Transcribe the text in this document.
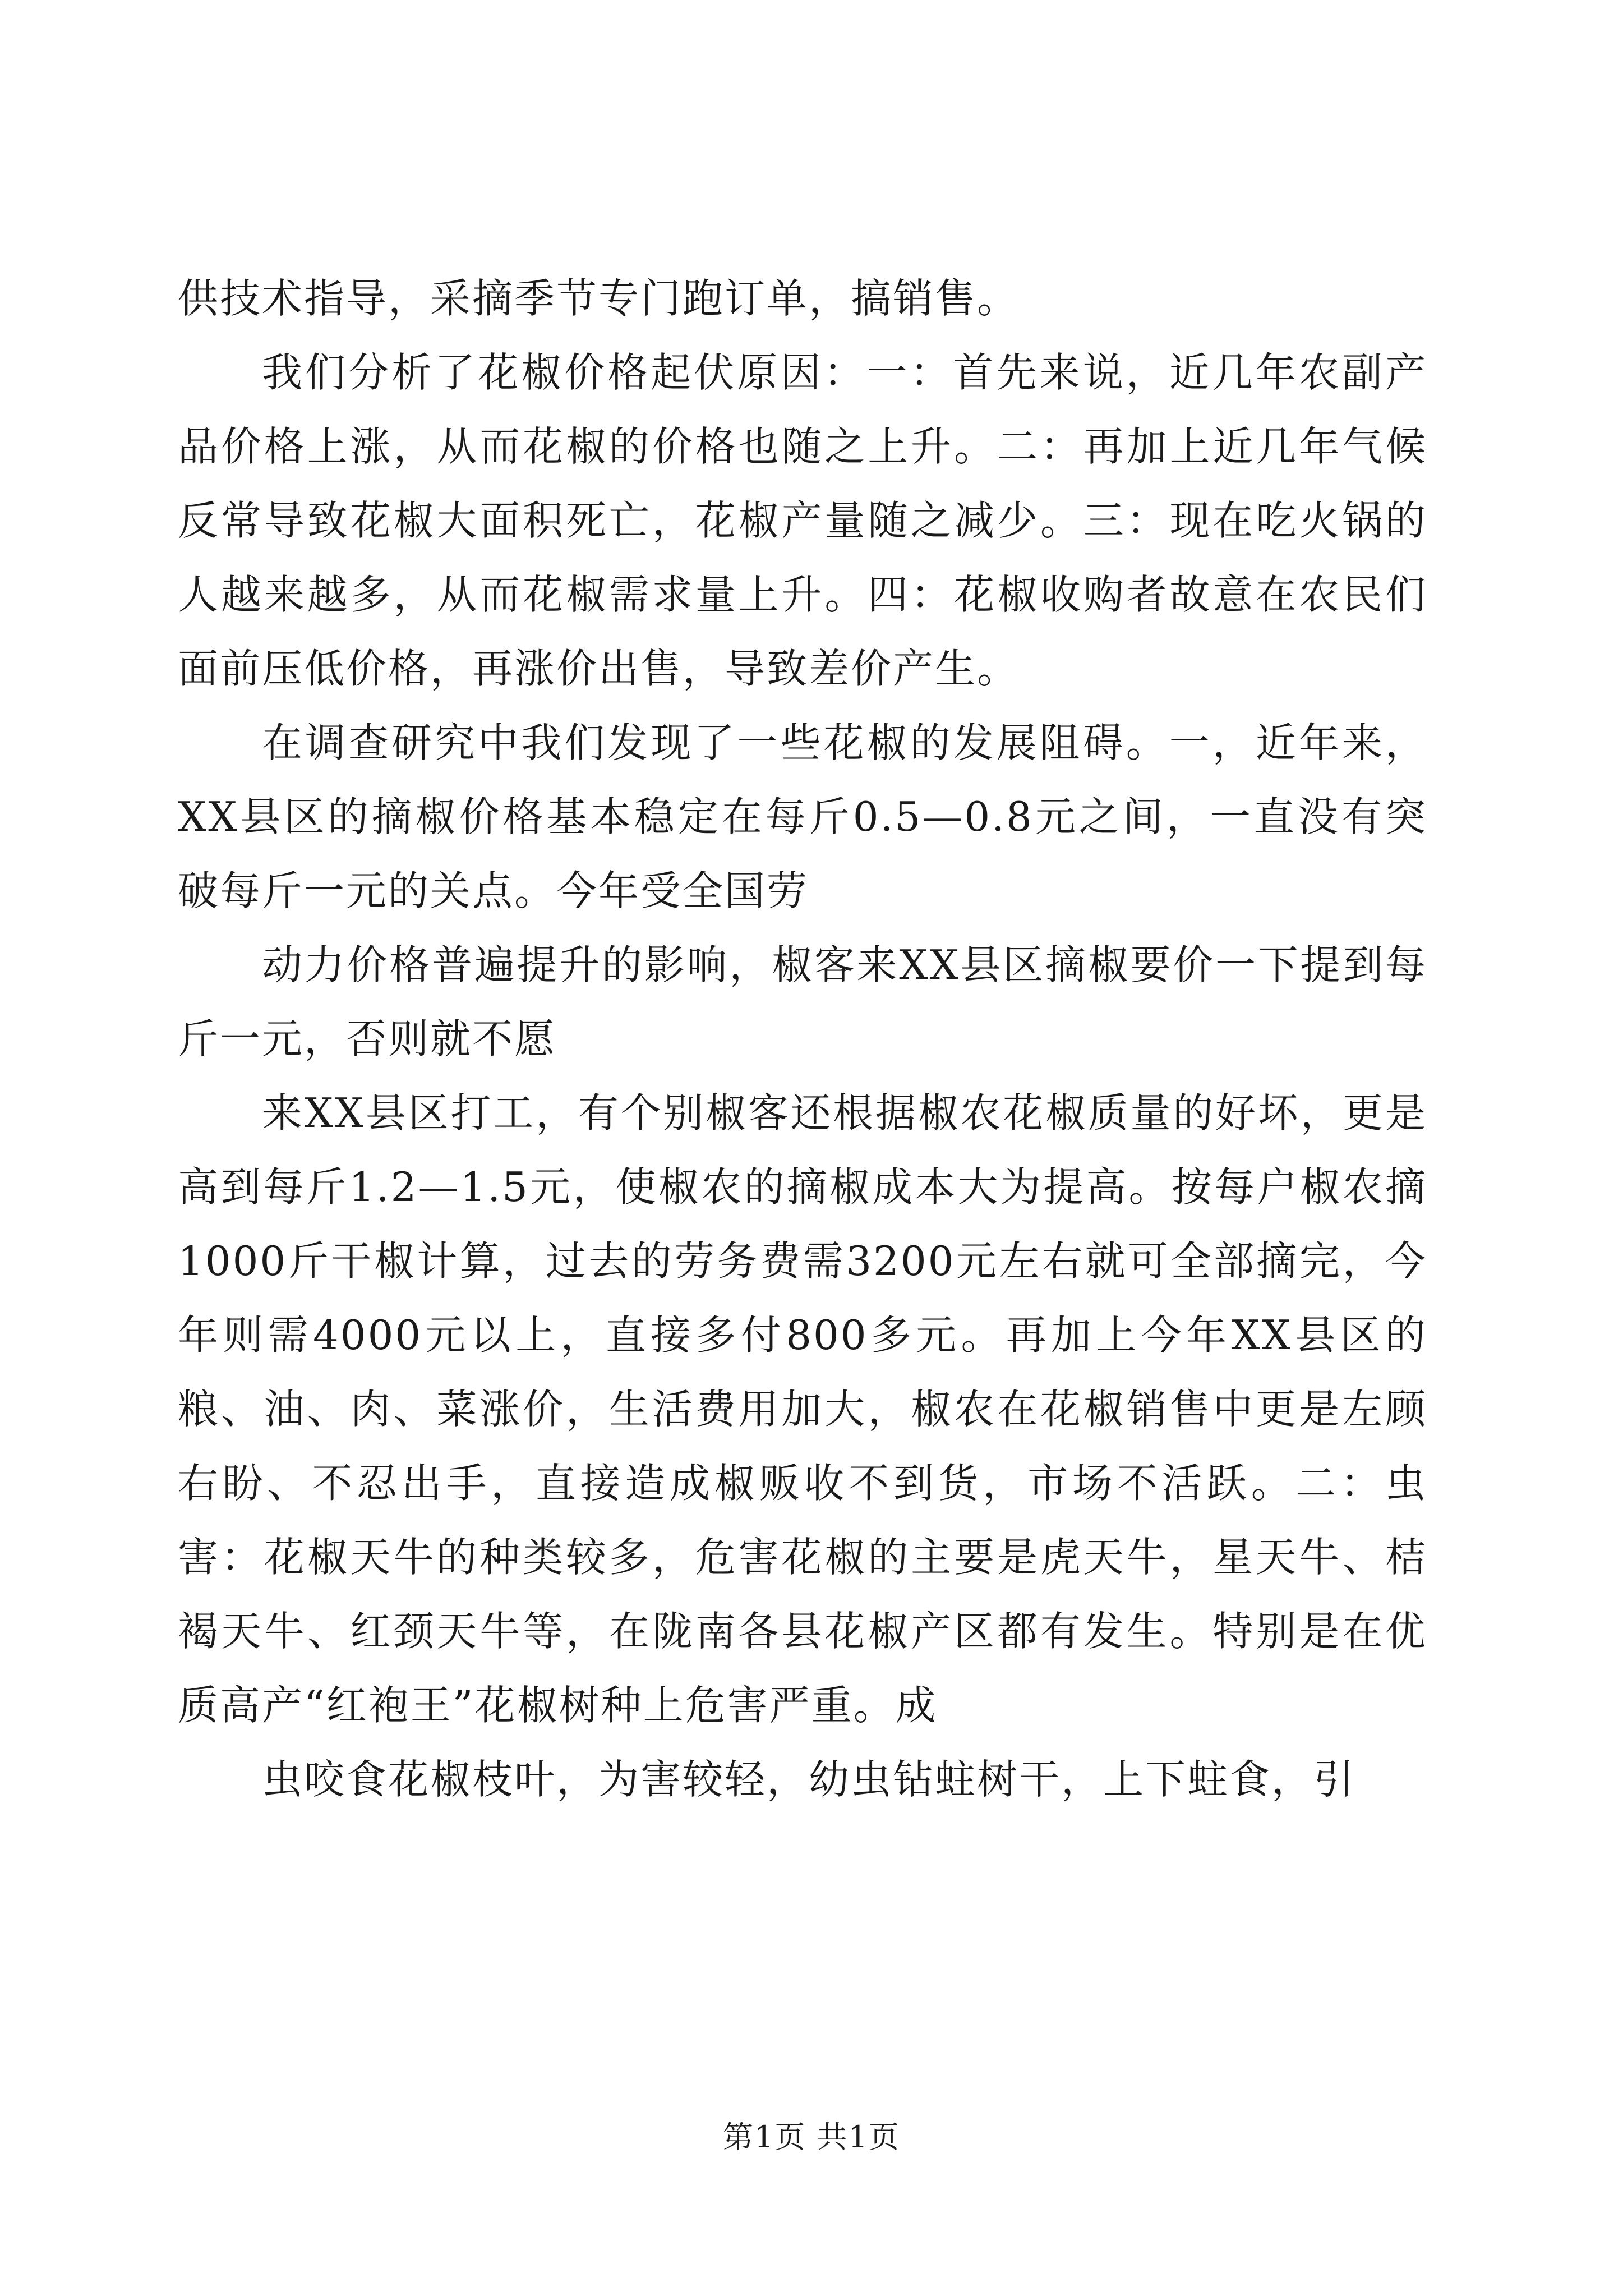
供技术指导，采摘季节专门跑订单，搞销售。

我们分析了花椒价格起伏原因：一：首先来说，近几年农副产品价格上涨，从而花椒的价格也随之上升。二：再加上近几年气候反常导致花椒大面积死亡，花椒产量随之减少。三：现在吃火锅的人越来越多，从而花椒需求量上升。四：花椒收购者故意在农民们面前压低价格，再涨价出售，导致差价产生。

在调查研究中我们发现了一些花椒的发展阻碍。一，近年来，XX县区的摘椒价格基本稳定在每斤0.5—0.8元之间，一直没有突破每斤一元的关点。今年受全国劳

动力价格普遍提升的影响，椒客来XX县区摘椒要价一下提到每斤一元，否则就不愿

来XX县区打工，有个别椒客还根据椒农花椒质量的好坏，更是高到每斤1.2—1.5元，使椒农的摘椒成本大为提高。按每户椒农摘1000斤干椒计算，过去的劳务费需3200元左右就可全部摘完，今年则需4000元以上，直接多付800多元。再加上今年XX县区的粮、油、肉、菜涨价，生活费用加大，椒农在花椒销售中更是左顾右盼、不忍出手，直接造成椒贩收不到货，市场不活跃。二：虫害：花椒天牛的种类较多，危害花椒的主要是虎天牛，星天牛、桔褐天牛、红颈天牛等，在陇南各县花椒产区都有发生。特别是在优质高产“红袍王”花椒树种上危害严重。成

虫咬食花椒枝叶，为害较轻，幼虫钻蛀树干，上下蛀食，引

第1页 共1页
